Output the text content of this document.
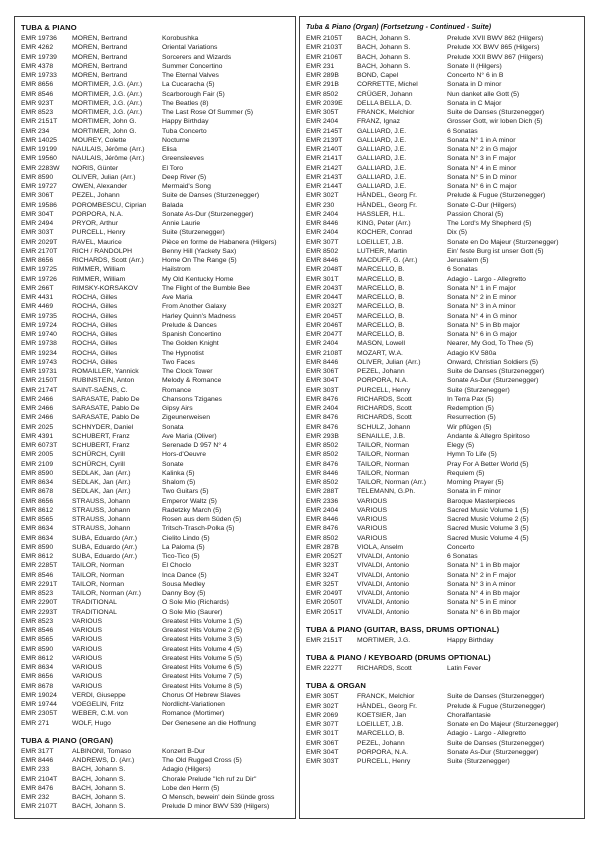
TUBA & PIANO
EMR 19736	MOREN, Bertrand	Korobushka
EMR 4262	MOREN, Bertrand	Oriental Variations
EMR 19739	MOREN, Bertrand	Sorcerers and Wizards
EMR 4378	MOREN, Bertrand	Summer Concertino
EMR 19733	MOREN, Bertrand	The Eternal Valves
EMR 8656	MORTIMER, J.G. (Arr.)	La Cucaracha (5)
EMR 8546	MORTIMER, J.G. (Arr.)	Scarborough Fair (5)
EMR 923T	MORTIMER, J.G. (Arr.)	The Beatles (8)
EMR 8523	MORTIMER, J.G. (Arr.)	The Last Rose Of Summer (5)
EMR 2151T	MORTIMER, John G.	Happy Birthday
EMR 234	MORTIMER, John G.	Tuba Concerto
EMR 14025	MOUREY, Colette	Nocturne
EMR 19199	NAULAIS, Jérôme (Arr.)	Elisa
EMR 19560	NAULAIS, Jérôme (Arr.)	Greensleeves
EMR 2283W	NORIS, Günter	El Toro
EMR 8590	OLIVER, Julian (Arr.)	Deep River (5)
EMR 19727	OWEN, Alexander	Mermaid's Song
EMR 306T	PEZEL, Johann	Suite de Danses (Sturzenegger)
EMR 19586	POROMBESCU, Ciprian	Balada
EMR 304T	PORPORA, N.A.	Sonate As-Dur (Sturzenegger)
EMR 2494	PRYOR, Arthur	Annie Laurie
EMR 303T	PURCELL, Henry	Suite (Sturzenegger)
EMR 2029T	RAVEL, Maurice	Pièce en forme de Habanera (Hilgers)
EMR 2170T	RICH / RANDOLPH	Benny Hill (Yackety Sax)
EMR 8656	RICHARDS, Scott (Arr.)	Home On The Range (5)
EMR 19725	RIMMER, William	Hailstrom
EMR 19726	RIMMER, William	My Old Kentucky Home
EMR 266T	RIMSKY-KORSAKOV	The Flight of the Bumble Bee
EMR 4431	ROCHA, Gilles	Ave Maria
EMR 4469	ROCHA, Gilles	From Another Galaxy
EMR 19735	ROCHA, Gilles	Harley Quinn's Madness
EMR 19724	ROCHA, Gilles	Prelude & Dances
EMR 19740	ROCHA, Gilles	Spanish Concertino
EMR 19738	ROCHA, Gilles	The Golden Knight
EMR 19234	ROCHA, Gilles	The Hypnotist
EMR 19743	ROCHA, Gilles	Two Faces
EMR 19731	ROMAILLER, Yannick	The Clock Tower
EMR 2150T	RUBINSTEIN, Anton	Melody & Romance
EMR 2174T	SAINT-SAËNS, C.	Romance
EMR 2466	SARASATE, Pablo De	Chansons Tziganes
EMR 2466	SARASATE, Pablo De	Gipsy Airs
EMR 2466	SARASATE, Pablo De	Zigeunerweisen
EMR 2025	SCHNYDER, Daniel	Sonata
EMR 4391	SCHUBERT, Franz	Ave Maria (Oliver)
EMR 6073T	SCHUBERT, Franz	Serenade D 957 N° 4
EMR 2005	SCHÜRCH, Cyrill	Hors-d'Oeuvre
EMR 2109	SCHÜRCH, Cyrill	Sonate
EMR 8590	SEDLAK, Jan (Arr.)	Kalinka (5)
EMR 8634	SEDLAK, Jan (Arr.)	Shalom (5)
EMR 8678	SEDLAK, Jan (Arr.)	Two Guitars (5)
EMR 8656	STRAUSS, Johann	Emperor Waltz (5)
EMR 8612	STRAUSS, Johann	Radetzky March (5)
EMR 8565	STRAUSS, Johann	Rosen aus dem Süden (5)
EMR 8634	STRAUSS, Johann	Tritsch-Trasch-Polka (5)
EMR 8634	SUBA, Eduardo (Arr.)	Cielito Lindo (5)
EMR 8590	SUBA, Eduardo (Arr.)	La Paloma (5)
EMR 8612	SUBA, Eduardo (Arr.)	Tico-Tico (5)
EMR 2285T	TAILOR, Norman	El Choclo
EMR 8546	TAILOR, Norman	Inca Dance (5)
EMR 2291T	TAILOR, Norman	Sousa Medley
EMR 8523	TAILOR, Norman (Arr.)	Danny Boy (5)
EMR 2290T	TRADITIONAL	O Sole Mio (Richards)
EMR 2293T	TRADITIONAL	O Sole Mio (Saurer)
EMR 8523	VARIOUS	Greatest Hits Volume 1 (5)
EMR 8546	VARIOUS	Greatest Hits Volume 2 (5)
EMR 8565	VARIOUS	Greatest Hits Volume 3 (5)
EMR 8590	VARIOUS	Greatest Hits Volume 4 (5)
EMR 8612	VARIOUS	Greatest Hits Volume 5 (5)
EMR 8634	VARIOUS	Greatest Hits Volume 6 (5)
EMR 8656	VARIOUS	Greatest Hits Volume 7 (5)
EMR 8678	VARIOUS	Greatest Hits Volume 8 (5)
EMR 19024	VERDI, Giuseppe	Chorus Of Hebrew Slaves
EMR 19744	VOEGELIN, Fritz	Nordlicht-Variationen
EMR 2305T	WEBER, C.M. von	Romance (Mortimer)
EMR 271	WOLF, Hugo	Der Genesene an die Hoffnung
TUBA & PIANO (ORGAN)
EMR 317T	ALBINONI, Tomaso	Konzert B-Dur
EMR 8446	ANDREWS, D. (Arr.)	The Old Rugged Cross (5)
EMR 233	BACH, Johann S.	Adagio (Hilgers)
EMR 2104T	BACH, Johann S.	Chorale Prelude "Ich ruf zu Dir"
EMR 8476	BACH, Johann S.	Lobe den Herrn (5)
EMR 232	BACH, Johann S.	O Mensch, bewein' dein Sünde gross
EMR 2107T	BACH, Johann S.	Prelude D minor BWV 539 (Hilgers)
Tuba & Piano (Organ) (Fortsetzung - Continued - Suite)
EMR 2105T	BACH, Johann S.	Prelude XVII BWV 862 (Hilgers)
EMR 2103T	BACH, Johann S.	Prelude XX BWV 865 (Hilgers)
EMR 2106T	BACH, Johann S.	Prelude XXII BWV 867 (Hilgers)
EMR 231	BACH, Johann S.	Sonate II (Hilgers)
EMR 289B	BOND, Capel	Concerto N° 6 in B
EMR 291B	CORRETTE, Michel	Sonata in D minor
EMR 8502	CRÜGER, Johann	Nun danket alle Gott (5)
EMR 2039E	DELLA BELLA, D.	Sonata in C Major
EMR 305T	FRANCK, Melchior	Suite de Danses (Sturzenegger)
EMR 2404	FRANZ, Ignaz	Grosser Gott, wir loben Dich (5)
EMR 2145T	GALLIARD, J.E.	6 Sonatas
EMR 2139T	GALLIARD, J.E.	Sonata N° 1 in A minor
EMR 2140T	GALLIARD, J.E.	Sonata N° 2 in G major
EMR 2141T	GALLIARD, J.E.	Sonata N° 3 in F major
EMR 2142T	GALLIARD, J.E.	Sonata N° 4 in E minor
EMR 2143T	GALLIARD, J.E.	Sonata N° 5 in D minor
EMR 2144T	GALLIARD, J.E.	Sonata N° 6 in C major
EMR 302T	HÄNDEL, Georg Fr.	Prelude & Fugue (Sturzenegger)
EMR 230	HÄNDEL, Georg Fr.	Sonate C-Dur (Hilgers)
EMR 2404	HASSLER, H.L.	Passion Choral (5)
EMR 8446	KING, Peter (Arr.)	The Lord's My Shepherd (5)
EMR 2404	KOCHER, Conrad	Dix (5)
EMR 307T	LOEILLET, J.B.	Sonate en Do Majeur (Sturzenegger)
EMR 8502	LUTHER, Martin	Ein' feste Burg ist unser Gott (5)
EMR 8446	MACDUFF, G. (Arr.)	Jerusalem (5)
EMR 2048T	MARCELLO, B.	6 Sonatas
EMR 301T	MARCELLO, B.	Adagio - Largo - Allegretto
EMR 2043T	MARCELLO, B.	Sonata N° 1 in F major
EMR 2044T	MARCELLO, B.	Sonata N° 2 in E minor
EMR 2032T	MARCELLO, B.	Sonata N° 3 in A minor
EMR 2045T	MARCELLO, B.	Sonata N° 4 in G minor
EMR 2046T	MARCELLO, B.	Sonata N° 5 in Bb major
EMR 2047T	MARCELLO, B.	Sonata N° 6 in G major
EMR 2404	MASON, Lowell	Nearer, My God, To Thee (5)
EMR 2108T	MOZART, W.A.	Adagio KV 580a
EMR 8446	OLIVER, Julian (Arr.)	Onward, Christian Soldiers (5)
EMR 306T	PEZEL, Johann	Suite de Danses (Sturzenegger)
EMR 304T	PORPORA, N.A.	Sonate As-Dur (Sturzenegger)
EMR 303T	PURCELL, Henry	Suite (Sturzenegger)
EMR 8476	RICHARDS, Scott	In Terra Pax (5)
EMR 2404	RICHARDS, Scott	Redemption (5)
EMR 8476	RICHARDS, Scott	Resurrection (5)
EMR 8476	SCHULZ, Johann	Wir pflügen (5)
EMR 293B	SENAILLE, J.B.	Andante & Allegro Spiritoso
EMR 8502	TAILOR, Norman	Elegy (5)
EMR 8502	TAILOR, Norman	Hymn To Life (5)
EMR 8476	TAILOR, Norman	Pray For A Better World (5)
EMR 8446	TAILOR, Norman	Requiem (5)
EMR 8502	TAILOR, Norman (Arr.)	Morning Prayer (5)
EMR 288T	TELEMANN, G.Ph.	Sonata in F minor
EMR 2336	VARIOUS	Baroque Masterpieces
EMR 2404	VARIOUS	Sacred Music Volume 1 (5)
EMR 8446	VARIOUS	Sacred Music Volume 2 (5)
EMR 8476	VARIOUS	Sacred Music Volume 3 (5)
EMR 8502	VARIOUS	Sacred Music Volume 4 (5)
EMR 287B	VIOLA, Anselm	Concerto
EMR 2052T	VIVALDI, Antonio	6 Sonatas
EMR 323T	VIVALDI, Antonio	Sonata N° 1 in Bb major
EMR 324T	VIVALDI, Antonio	Sonata N° 2 in F major
EMR 325T	VIVALDI, Antonio	Sonata N° 3 in A minor
EMR 2049T	VIVALDI, Antonio	Sonata N° 4 in Bb major
EMR 2050T	VIVALDI, Antonio	Sonata N° 5 in E minor
EMR 2051T	VIVALDI, Antonio	Sonata N° 6 in Bb major
TUBA & PIANO (GUITAR, BASS, DRUMS OPTIONAL)
EMR 2151T	MORTIMER, J.G.	Happy Birthday
TUBA & PIANO / KEYBOARD (DRUMS OPTIONAL)
EMR 2227T	RICHARDS, Scott	Latin Fever
TUBA & ORGAN
EMR 305T	FRANCK, Melchior	Suite de Danses (Sturzenegger)
EMR 302T	HÄNDEL, Georg Fr.	Prelude & Fugue (Sturzenegger)
EMR 2069	KOETSIER, Jan	Choralfantasie
EMR 307T	LOEILLET, J.B.	Sonate en Do Majeur (Sturzenegger)
EMR 301T	MARCELLO, B.	Adagio - Largo - Allegretto
EMR 306T	PEZEL, Johann	Suite de Danses (Sturzenegger)
EMR 304T	PORPORA, N.A.	Sonate As-Dur (Sturzenegger)
EMR 303T	PURCELL, Henry	Suite (Sturzenegger)
